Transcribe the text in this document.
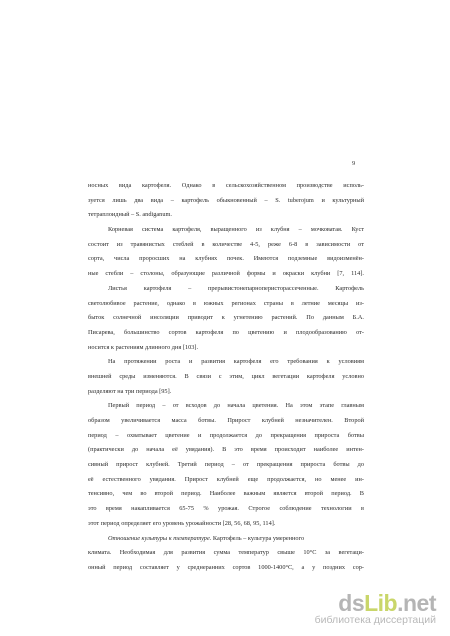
9
носных вида картофеля. Однако в сельскохозяйственном производстве исполь-
зуется лишь два вида – картофель обыкновенный – S. tuberojum и культурный
тетраплоидный – S. andiganum.
Корневая система картофеля, выращенного из клубня – мочковатая. Куст
состоит из травянистых стеблей в количестве 4-5, реже 6-8 в зависимости от
сорта, числа проросших на клубнях почек. Имеются подземные видоизменён-
ные стебли – столоны, образующие различной формы и окраски клубни [7, 114].
Листья картофеля – прерывистонепарноперисторассеченные. Картофель
светолюбивое растение, однако в южных регионах страны в летние месяцы из-
быток солнечной инсоляции приводит к угнетению растений. По данным Б.А.
Писарева, большинство сортов картофеля по цветению и плодообразованию от-
носится к растениям длинного дня [103].
На протяжении роста и развития картофеля его требования к условиям
внешней среды изменяются. В связи с этим, цикл вегетации картофеля условно
разделяют на три периода [95].
Первый период – от всходов до начала цветения. На этом этапе главным
образом увеличивается масса ботвы. Прирост клубней незначителен. Второй
период – охватывает цветение и продолжается до прекращения прироста ботвы
(практически до начала её увядания). В это время происходит наиболее интен-
сивный прирост клубней. Третий период – от прекращения прироста ботвы до
её естественного увядания. Прирост клубней еще продолжается, но менее ин-
тенсивно, чем во второй период. Наиболее важным является второй период. В
это время накапливается 65-75 % урожая. Строгое соблюдение технологии в
этот период определяет его уровень урожайности [28, 56, 68, 95, 114].
Отношение культуры к температуре. Картофель – культура умеренного
климата. Необходимая для развития сумма температур свыше 10°С за вегетаци-
онный период составляет у среднеранних сортов 1000-1400°С, а у поздних сор-
dsLib.net
библиотека диссертаций
